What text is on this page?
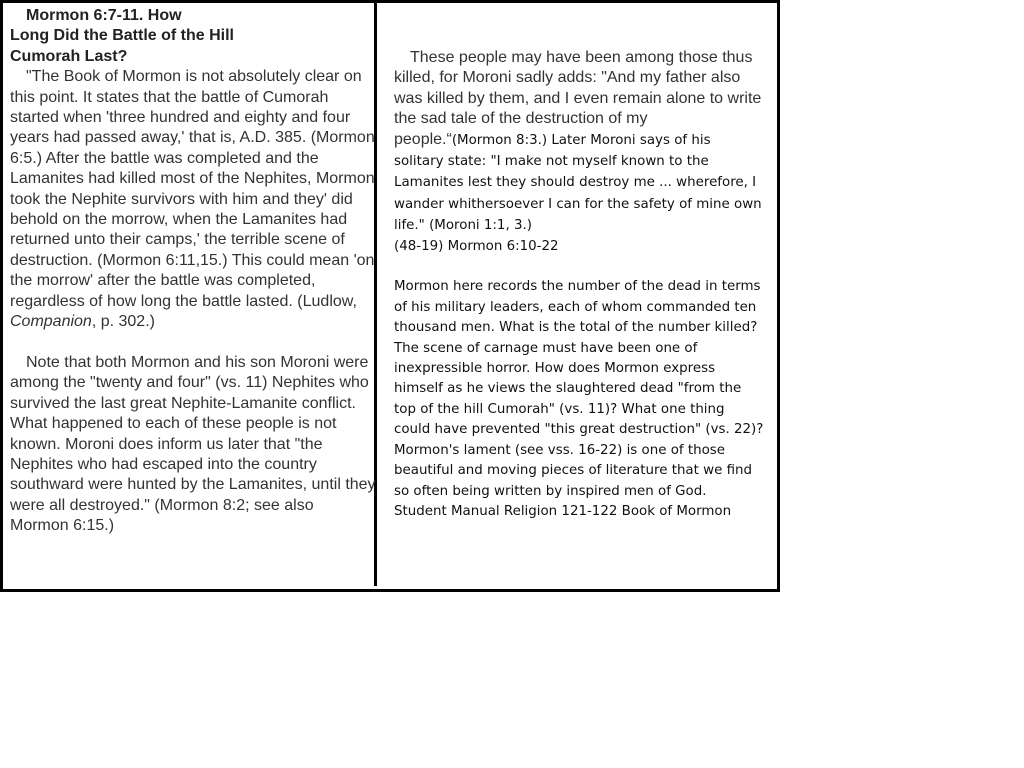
Mormon 6:7-11. How
Long Did the Battle of the Hill
Cumorah Last?

"The Book of Mormon is not absolutely clear on this point. It states that the battle of Cumorah started when 'three hundred and eighty and four years had passed away,' that is, A.D. 385. (Mormon 6:5.) After the battle was completed and the Lamanites had killed most of the Nephites, Mormon took the Nephite survivors with him and they' did behold on the morrow, when the Lamanites had returned unto their camps,' the terrible scene of destruction. (Mormon 6:11,15.) This could mean 'on the morrow' after the battle was completed, regardless of how long the battle lasted. (Ludlow, Companion, p. 302.)

Note that both Mormon and his son Moroni were among the "twenty and four" (vs. 11) Nephites who survived the last great Nephite-Lamanite conflict. What happened to each of these people is not known. Moroni does inform us later that "the Nephites who had escaped into the country southward were hunted by the Lamanites, until they were all destroyed." (Mormon 8:2; see also Mormon 6:15.)

These people may have been among those thus killed, for Moroni sadly adds: "And my father also was killed by them, and I even remain alone to write the sad tale of the destruction of my people.“(Mormon 8:3.) Later Moroni says of his solitary state: "I make not myself known to the Lamanites lest they should destroy me ... wherefore, I wander whithersoever I can for the safety of mine own life." (Moroni 1:1, 3.)

(48-19) Mormon 6:10-22

Mormon here records the number of the dead in terms of his military leaders, each of whom commanded ten thousand men. What is the total of the number killed? The scene of carnage must have been one of inexpressible horror. How does Mormon express himself as he views the slaughtered dead "from the top of the hill Cumorah" (vs. 11)? What one thing could have prevented "this great destruction" (vs. 22)? Mormon's lament (see vss. 16-22) is one of those beautiful and moving pieces of literature that we find so often being written by inspired men of God.

Student Manual Religion 121-122 Book of Mormon
